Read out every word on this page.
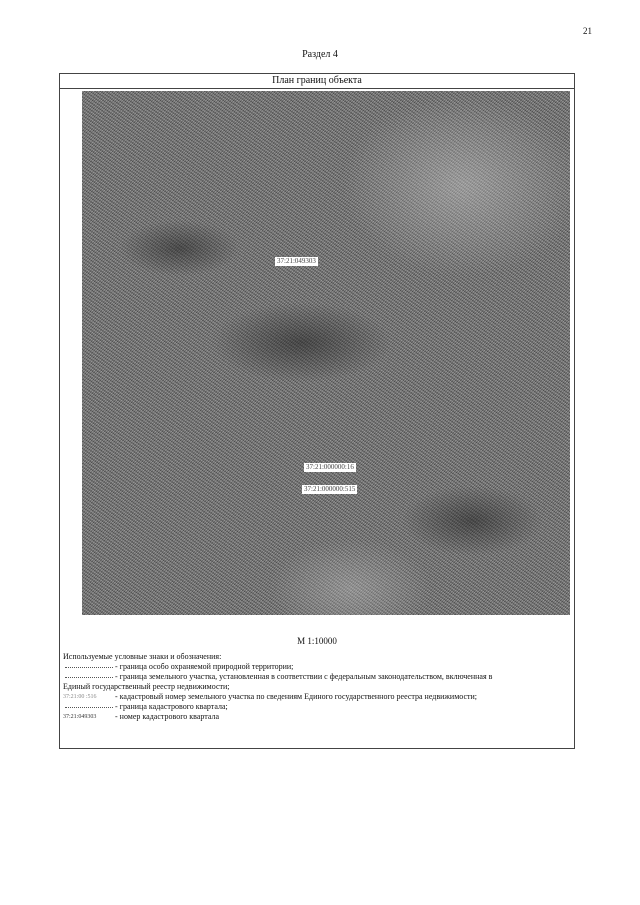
21
Раздел 4
План границ объекта
37:21:049303
37:21:000000:16
37:21:000000:515
М 1:10000
Используемые условные знаки и обозначения:
- граница особо охраняемой природной территории;
- граница земельного участка, установленная в соответствии с федеральным законодательством, включенная в
Единый государственный реестр недвижимости;
37:21:00 :516 - кадастровый номер земельного участка по сведениям Единого государственного реестра недвижимости;
- граница кадастрового квартала;
37:21:049303 - номер кадастрового квартала
